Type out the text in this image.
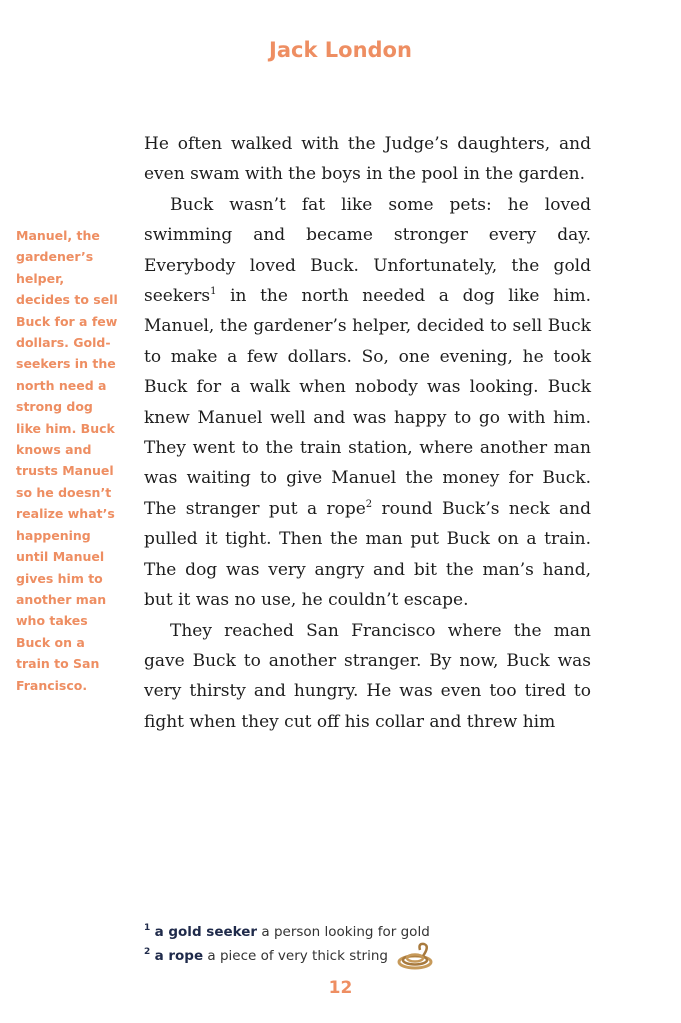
Jack London
Manuel, the gardener’s helper, decides to sell Buck for a few dollars. Gold-seekers in the north need a strong dog like him. Buck knows and trusts Manuel so he doesn’t realize what’s happening until Manuel gives him to another man who takes Buck on a train to San Francisco.

He often walked with the Judge’s daughters, and even swam with the boys in the pool in the garden.

Buck wasn’t fat like some pets: he loved swimming and became stronger every day. Everybody loved Buck. Unfortunately, the gold seekers$^1$ in the north needed a dog like him. Manuel, the gardener’s helper, decided to sell Buck to make a few dollars. So, one evening, he took Buck for a walk when nobody was looking. Buck knew Manuel well and was happy to go with him. They went to the train station, where another man was waiting to give Manuel the money for Buck. The stranger put a rope$^2$ round Buck’s neck and pulled it tight. Then the man put Buck on a train. The dog was very angry and bit the man’s hand, but it was no use, he couldn’t escape.

They reached San Francisco where the man gave Buck to another stranger. By now, Buck was very thirsty and hungry. He was even too tired to fight when they cut off his collar and threw him

$^1$ a gold seeker a person looking for gold
$^2$ a rope a piece of very thick string
12
